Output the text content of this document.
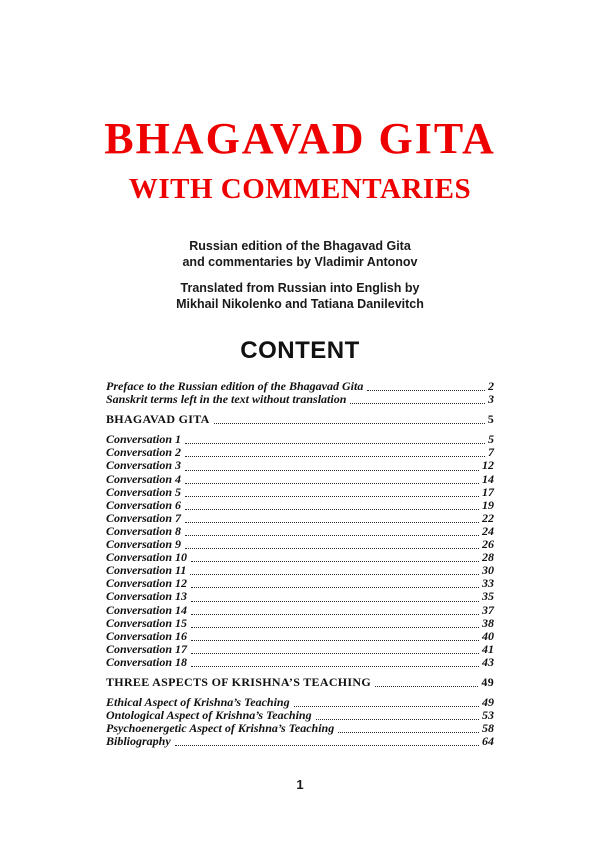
BHAGAVAD GITA
WITH COMMENTARIES
Russian edition of the Bhagavad Gita
and commentaries by Vladimir Antonov
Translated from Russian into English by
Mikhail Nikolenko and Tatiana Danilevitch
CONTENT
Preface to the Russian edition of the Bhagavad Gita	2
Sanskrit terms left in the text without translation	3
BHAGAVAD GITA	5
Conversation 1	5
Conversation 2	7
Conversation 3	12
Conversation 4	14
Conversation 5	17
Conversation 6	19
Conversation 7	22
Conversation 8	24
Conversation 9	26
Conversation 10	28
Conversation 11	30
Conversation 12	33
Conversation 13	35
Conversation 14	37
Conversation 15	38
Conversation 16	40
Conversation 17	41
Conversation 18	43
THREE ASPECTS OF KRISHNA’S TEACHING	49
Ethical Aspect of Krishna’s Teaching	49
Ontological Aspect of Krishna’s Teaching	53
Psychoenergetic Aspect of Krishna’s Teaching	58
Bibliography	64
1
